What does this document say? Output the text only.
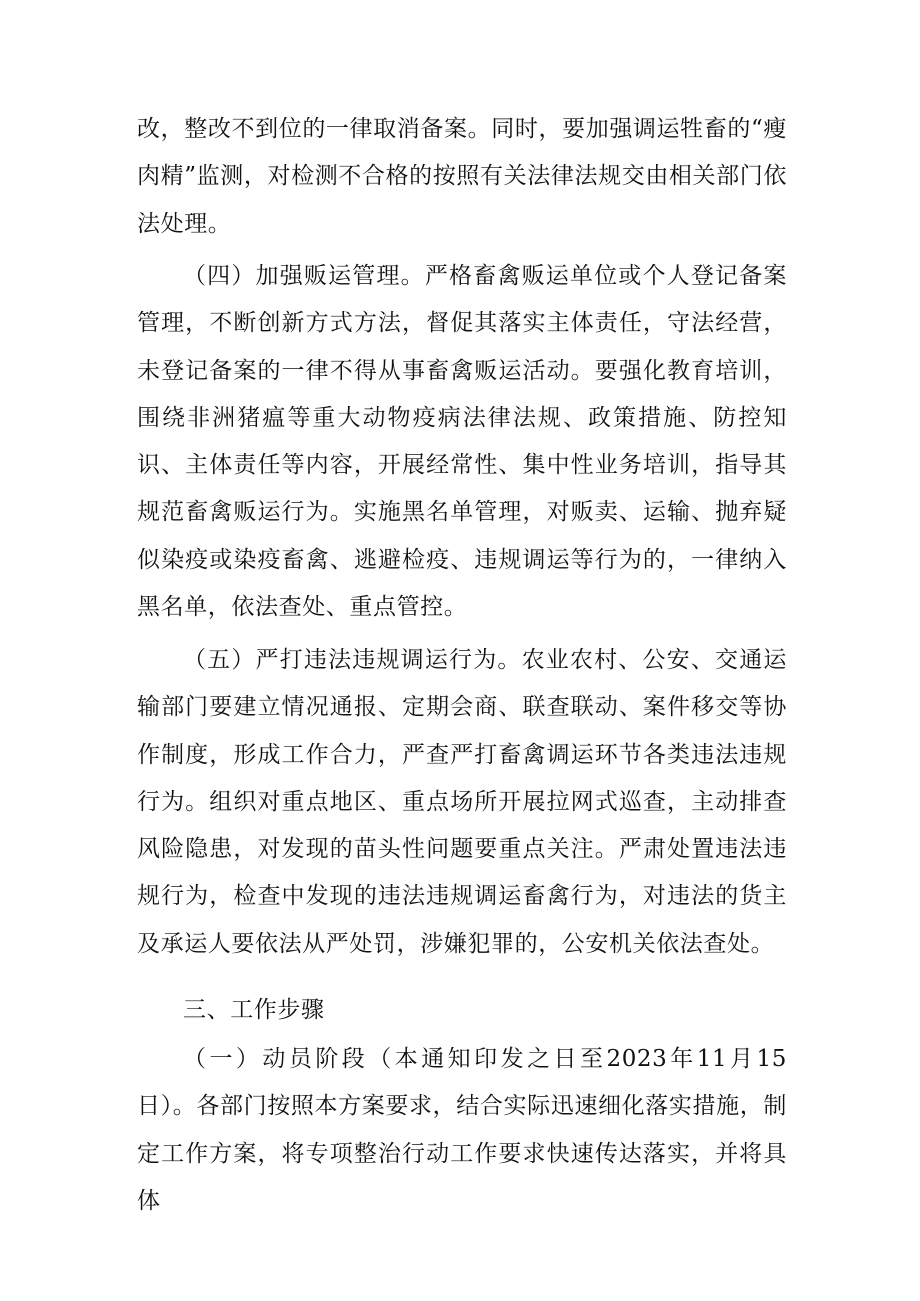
改，整改不到位的一律取消备案。同时，要加强调运牲畜的“瘦肉精”监测，对检测不合格的按照有关法律法规交由相关部门依法处理。

（四）加强贩运管理。严格畜禽贩运单位或个人登记备案管理，不断创新方式方法，督促其落实主体责任，守法经营，未登记备案的一律不得从事畜禽贩运活动。要强化教育培训，围绕非洲猪瘟等重大动物疫病法律法规、政策措施、防控知识、主体责任等内容，开展经常性、集中性业务培训，指导其规范畜禽贩运行为。实施黑名单管理，对贩卖、运输、抛弃疑似染疫或染疫畜禽、逃避检疫、违规调运等行为的，一律纳入黑名单，依法查处、重点管控。

（五）严打违法违规调运行为。农业农村、公安、交通运输部门要建立情况通报、定期会商、联查联动、案件移交等协作制度，形成工作合力，严查严打畜禽调运环节各类违法违规行为。组织对重点地区、重点场所开展拉网式巡查，主动排查风险隐患，对发现的苗头性问题要重点关注。严肃处置违法违规行为，检查中发现的违法违规调运畜禽行为，对违法的货主及承运人要依法从严处罚，涉嫌犯罪的，公安机关依法查处。

三、工作步骤

（一）动员阶段（本通知印发之日至2023年11月15日）。各部门按照本方案要求，结合实际迅速细化落实措施，制定工作方案，将专项整治行动工作要求快速传达落实，并将具体
